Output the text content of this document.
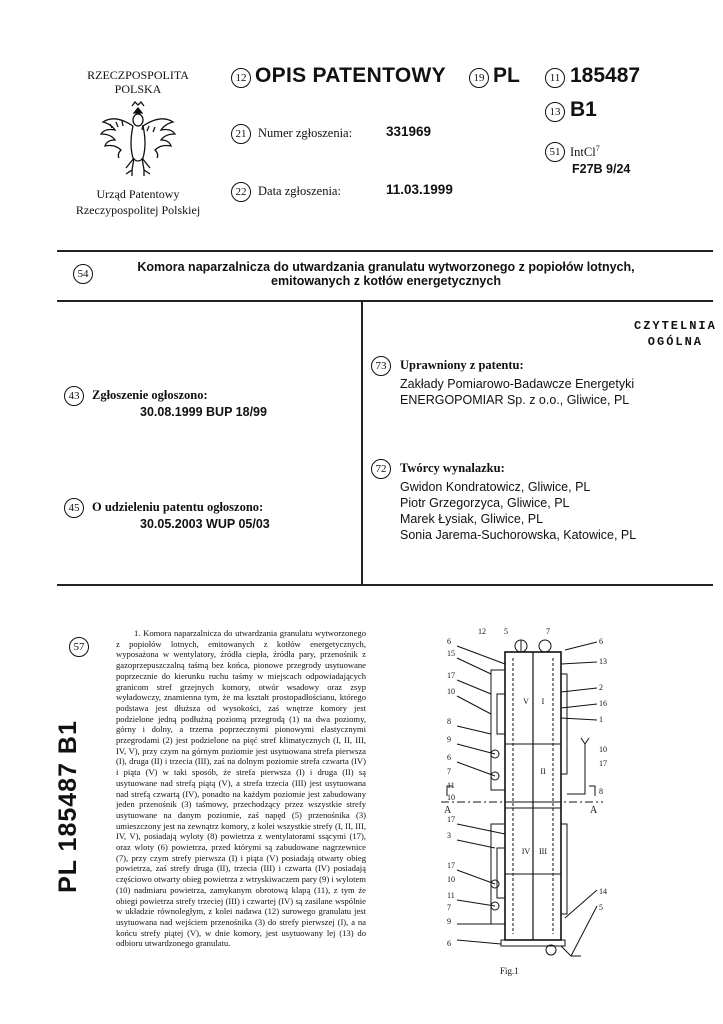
RZECZPOSPOLITA
POLSKA
Urząd Patentowy
Rzeczypospolitej Polskiej
12 OPIS PATENTOWY	19 PL	11 185487
13 B1
21 Numer zgłoszenia:	331969
51 IntCl$^7$
F27B 9/24
22 Data zgłoszenia:	11.03.1999
54	Komora naparzalnicza do utwardzania granulatu wytworzonego z popiołów lotnych,
emitowanych z kotłów energetycznych
CZYTELNIA
OGÓLNA
43	Zgłoszenie ogłoszono:
30.08.1999 BUP 18/99
45	O udzieleniu patentu ogłoszono:
30.05.2003 WUP 05/03
73	Uprawniony z patentu:
Zakłady Pomiarowo-Badawcze Energetyki
ENERGOPOMIAR Sp. z o.o., Gliwice, PL
72	Twórcy wynalazku:
Gwidon Kondratowicz, Gliwice, PL
Piotr Grzegorzyca, Gliwice, PL
Marek Łysiak, Gliwice, PL
Sonia Jarema-Suchorowska, Katowice, PL
PL 185487 B1
57
1. Komora naparzalnicza do utwardzania granulatu wytworzonego z popiołów lotnych, emitowanych z kotłów energetycznych, wyposażona w wentylatory, źródła ciepła, źródła pary, przenośnik z gazoprzepuszczalną taśmą bez końca, pionowe przegrody usytuowane poprzecznie do kierunku ruchu taśmy w miejscach odpowiadających granicom stref grzejnych komory, otwór wsadowy oraz zsyp wyładowczy, znamienna tym, że ma kształt prostopadłościanu, którego podstawa jest dłuższa od wysokości, zaś wnętrze komory jest podzielone jedną podłużną poziomą przegrodą (1) na dwa poziomy, górny i dolny, a trzema poprzecznymi pionowymi elastycznymi przegrodami (2) jest podzielone na pięć stref klimatycznych (I, II, III, IV, V), przy czym na górnym poziomie jest usytuowana strefa pierwsza (I), druga (II) i trzecia (III), zaś na dolnym poziomie strefa czwarta (IV) i piąta (V) w taki sposób, że strefa pierwsza (I) i druga (II) są usytuowane nad strefą piątą (V), a strefa trzecia (III) jest usytuowana nad strefą czwartą (IV), ponadto na każdym poziomie jest zabudowany jeden przenośnik (3) taśmowy, przechodzący przez wszystkie strefy usytuowane na danym poziomie, zaś napęd (5) przenośnika (3) umieszczony jest na zewnątrz komory, z kolei wszystkie strefy (I, II, III, IV, V), posiadają wyloty (8) powietrza z wentylatorami ssącymi (17), oraz wloty (6) powietrza, przed którymi są zabudowane nagrzewnice (7), przy czym strefy pierwsza (I) i piąta (V) posiadają otwarty obieg powietrza, zaś strefy druga (II), trzecia (III) i czwarta (IV) posiadają częściowo otwarty obieg powietrza z wtryskiwaczem pary (9) i wylotem (10) nadmiaru powietrza, zamykanym obrotową klapą (11), z tym że obiegi powietrza strefy trzeciej (III) i czwartej (IV) są zasilane wspólnie w układzie równoległym, z kolei nadawa (12) surowego granulatu jest usytuowana nad wejściem przenośnika (3) do strefy pierwszej (I), a na końcu strefy piątej (V), w dnie komory, jest usytuowany lej (13) do odbioru utwardzonego granulatu.
V I
II
IV III
6
15
17
10
8
9
6
7
11
10
17
3
17
10
11
7
9
6
12 5	7
6
13
2
16
1
10
17
8
14
5
A	A
Fig.1
